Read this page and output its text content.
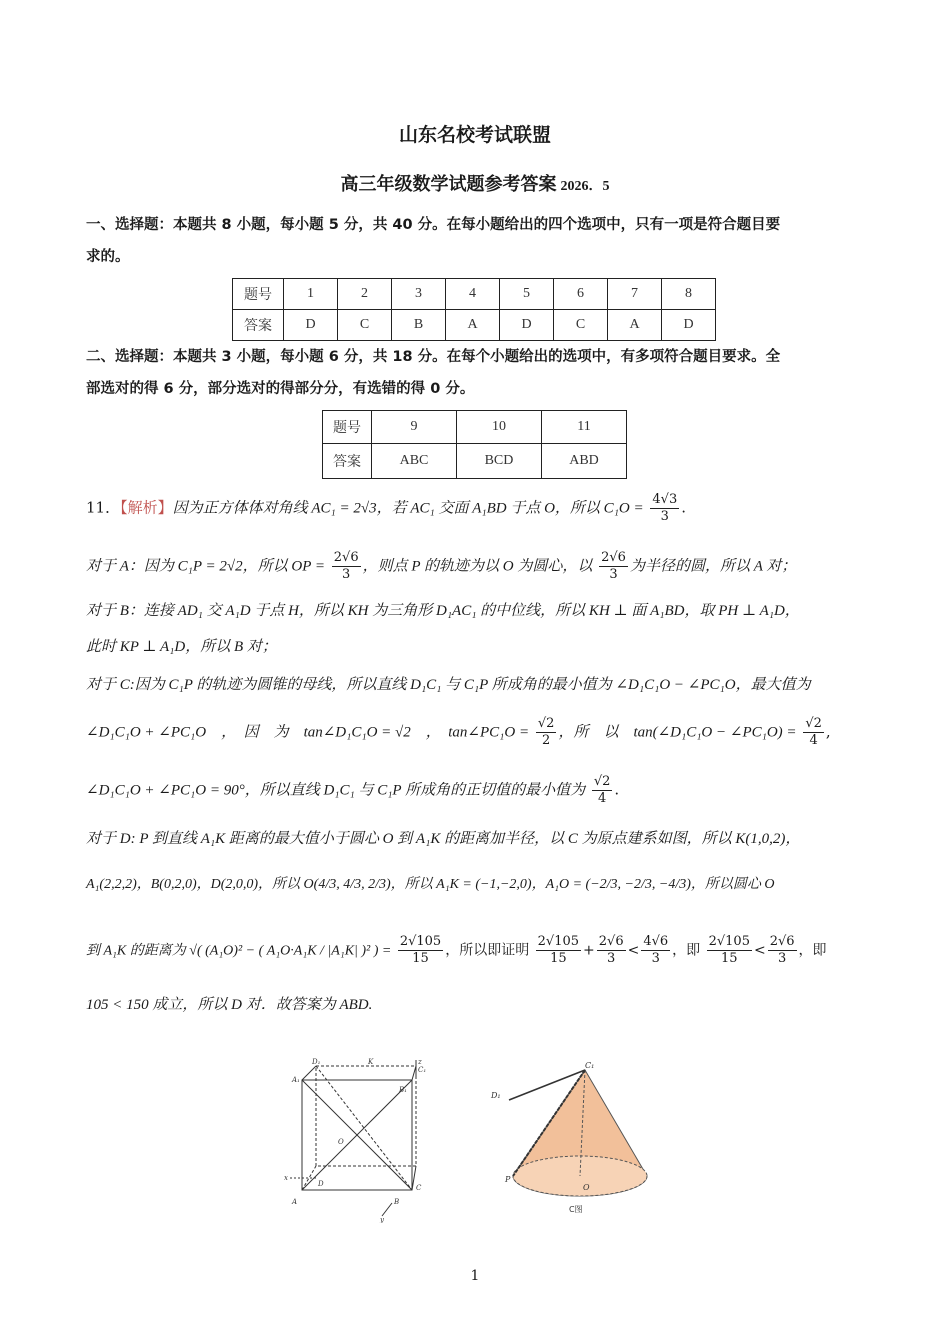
山东名校考试联盟
高三年级数学试题参考答案 2026．5
一、选择题：本题共 8 小题，每小题 5 分，共 40 分。在每小题给出的四个选项中，只有一项是符合题目要
求的。
题号	1	2	3	4	5	6	7	8
答案	D	C	B	A	D	C	A	D
二、选择题：本题共 3 小题，每小题 6 分，共 18 分。在每个小题给出的选项中，有多项符合题目要求。全
部选对的得 6 分，部分选对的得部分分，有选错的得 0 分。
题号	9	10	11
答案	ABC	BCD	ABD
11．【解析】因为正方体体对角线 AC₁ = 2√3，若 AC₁ 交面 A₁BD 于点 O，所以 $C_1O = \frac{4√3}{3}$ .
对于 A：因为 C₁P = 2√2，所以 OP = $\frac{2√6}{3}$ ，则点 P 的轨迹为以 O 为圆心，以 $\frac{2√6}{3}$ 为半径的圆，所以 A 对；
对于 B：连接 AD₁ 交 A₁D 于点 H，所以 KH 为三角形 D₁AC₁ 的中位线，所以 KH ⊥ 面 A₁BD，取 PH ⊥ A₁D，
此时 KP ⊥ A₁D，所以 B 对；
对于 C:因为 C₁P 的轨迹为圆锥的母线，所以直线 D₁C₁ 与 C₁P 所成角的最小值为 ∠D₁C₁O − ∠PC₁O，最大值为
∠D₁C₁O + ∠PC₁O　，　因　为　tan∠D₁C₁O = √2　，　tan∠PC₁O = $\frac{√2}{2}$ ，所　以　tan(∠D₁C₁O − ∠PC₁O) = $\frac{√2}{4}$ ,
∠D₁C₁O + ∠PC₁O = 90°，所以直线 D₁C₁ 与 C₁P 所成角的正切值的最小值为 $\frac{√2}{4}$ .
对于 D: P 到直线 A₁K 距离的最大值小于圆心 O 到 A₁K 的距离加半径，以 C 为原点建系如图，所以 K(1,0,2)，
A₁(2,2,2)，B(0,2,0)，D(2,0,0)，所以 O(4/3, 4/3, 2/3)，所以 A₁K = (−1,−2,0)，A₁O = (−2/3, −2/3, −4/3)，所以圆心 O
到 A₁K 的距离为 √( (A₁O)² − ( A₁O·A₁K / |A₁K| )² ) = $\frac{2√105}{15}$ ，所以即证明 $\frac{2√105}{15} + \frac{2√6}{3} < \frac{4√6}{3}$ ，即 $\frac{2√105}{15} < \frac{2√6}{3}$ ，即
105 < 150 成立，所以 D 对．故答案为 ABD.
D₁	K
C₁
A₁
B₁
O
D	C
A	B
z
x
y
C₁
D₁
O
P
C图
1
